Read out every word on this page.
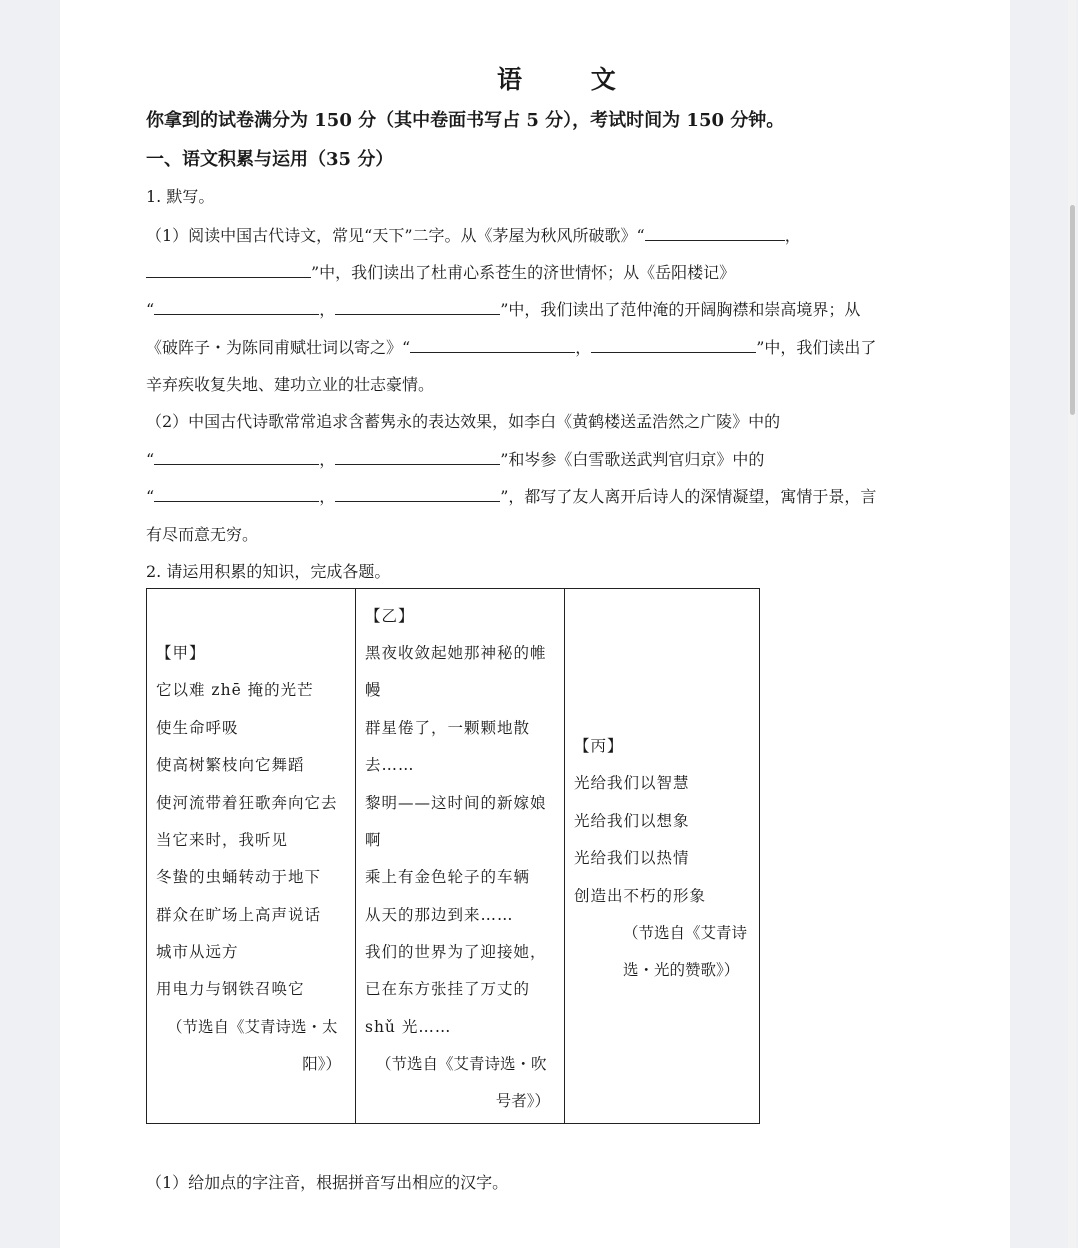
语 文
你拿到的试卷满分为 150 分（其中卷面书写占 5 分），考试时间为 150 分钟。
一、语文积累与运用（35 分）
1. 默写。
（1）阅读中国古代诗文，常见“天下”二字。从《茅屋为秋风所破歌》“	，
”中，我们读出了杜甫心系苍生的济世情怀；从《岳阳楼记》
“	，	”中，我们读出了范仲淹的开阔胸襟和崇高境界；从
《破阵子・为陈同甫赋壮词以寄之》“	，	”中，我们读出了
辛弃疾收复失地、建功立业的壮志豪情。
（2）中国古代诗歌常常追求含蓄隽永的表达效果，如李白《黄鹤楼送孟浩然之广陵》中的
“	，	”和岑参《白雪歌送武判官归京》中的
“	，	”，都写了友人离开后诗人的深情凝望，寓情于景，言
有尽而意无穷。
2. 请运用积累的知识，完成各题。
【甲】
它以难 zhē 掩的光芒
使生命呼吸
使高树繁枝向它舞蹈
使河流带着狂歌奔向它去
当它来时，我听见
冬蛰的虫蛹转动于地下
群众在旷场上高声说话
城市从远方
用电力与钢铁召唤它
（节选自《艾青诗选・太
阳》）

【乙】
黑夜收敛起她那神秘的帷
幔
群星倦了，一颗颗地散
去……
黎明——这时间的新嫁娘
啊
乘上有金色轮子的车辆
从天的那边到来……
我们的世界为了迎接她，
已在东方张挂了万丈的
shǔ 光……
（节选自《艾青诗选・吹
号者》）

【丙】
光给我们以智慧
光给我们以想象
光给我们以热情
创造出不朽的形象
（节选自《艾青诗
选・光的赞歌》）
（1）给加点的字注音，根据拼音写出相应的汉字。
